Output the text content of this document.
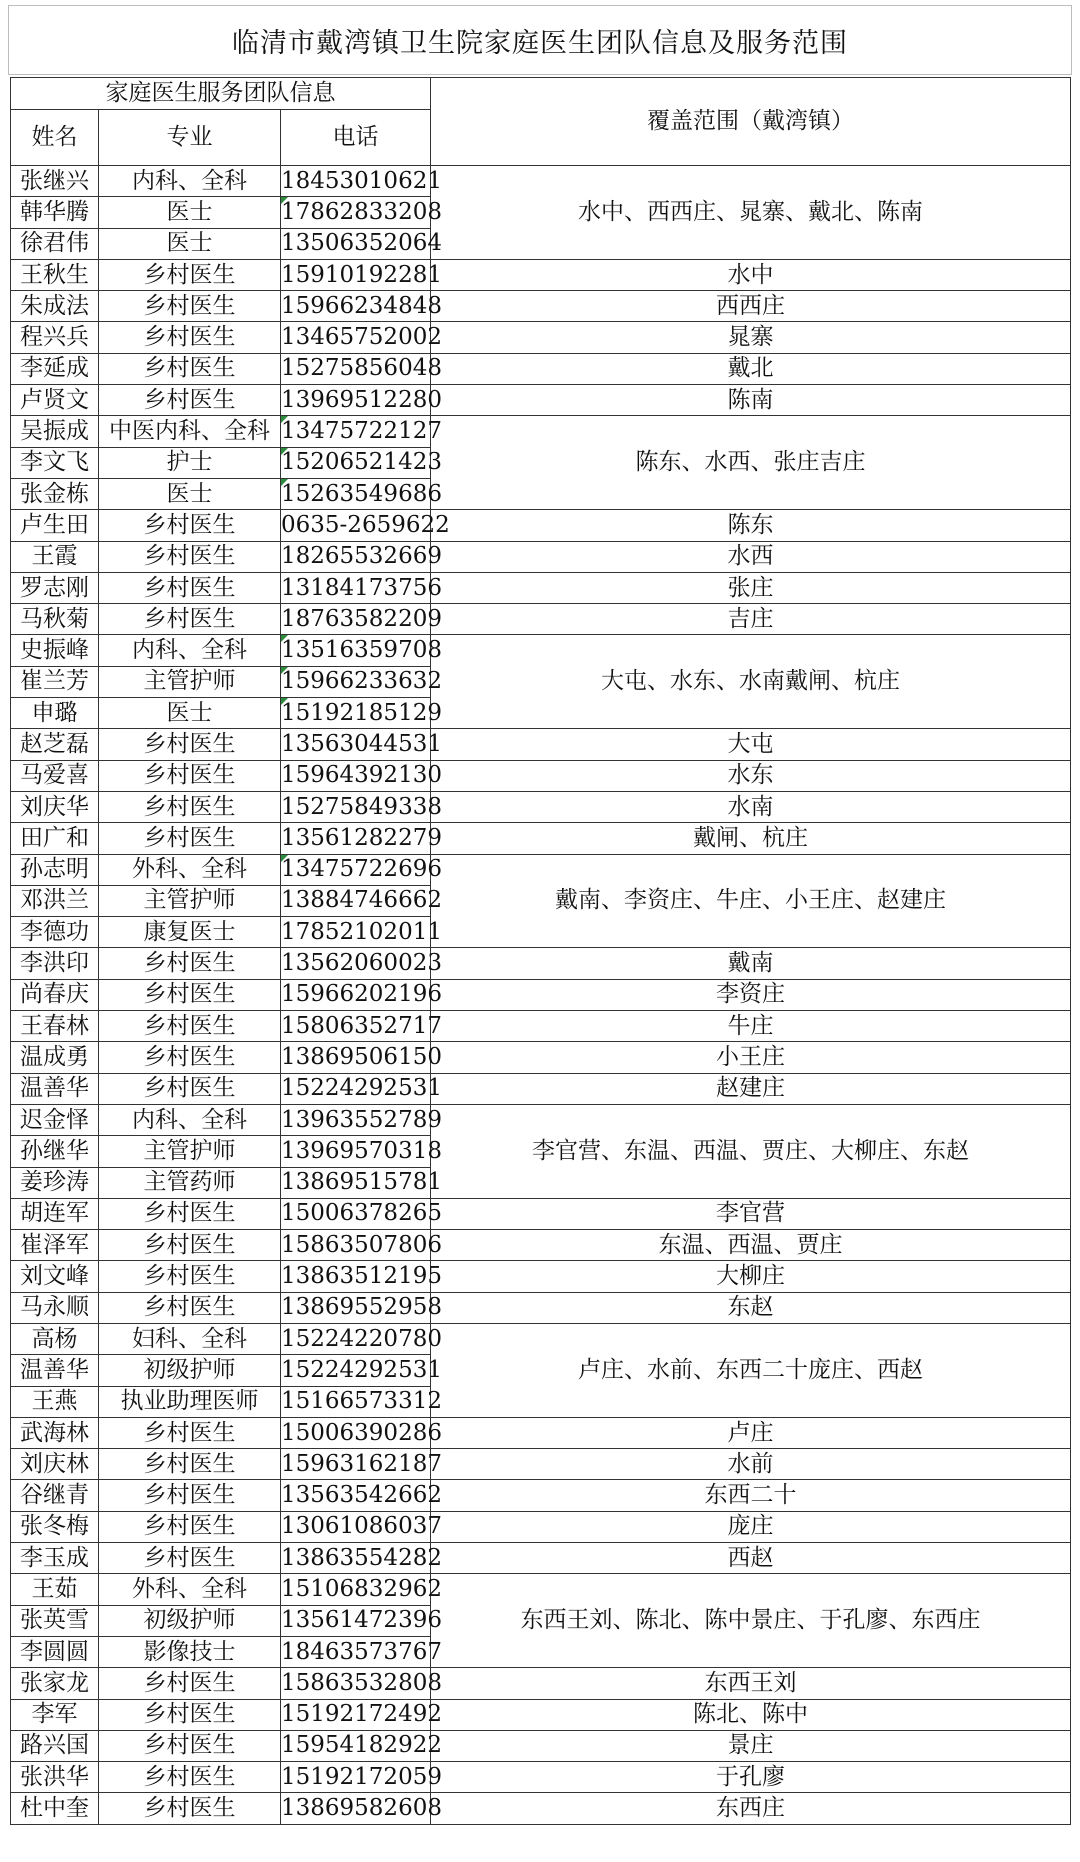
临清市戴湾镇卫生院家庭医生团队信息及服务范围
家庭医生服务团队信息			覆盖范围（戴湾镇）
姓名	专业	电话	
张继兴	内科、全科	18453010621	水中、西西庄、晁寨、戴北、陈南
韩华腾	医士	17862833208	

徐君伟	医士	13506352064	
王秋生	乡村医生	15910192281	水中
朱成法	乡村医生	15966234848	西西庄
程兴兵	乡村医生	13465752002	晁寨
李延成	乡村医生	15275856048	戴北
卢贤文	乡村医生	13969512280	陈南
吴振成	中医内科、全科	13475722127	陈东、水西、张庄吉庄
李文飞	护士	15206521423	

张金栋	医士	15263549686	

卢生田	乡村医生	0635-2659622	陈东
王霞	乡村医生	18265532669	水西
罗志刚	乡村医生	13184173756	张庄
马秋菊	乡村医生	18763582209	吉庄
史振峰	内科、全科	13516359708	大屯、水东、水南戴闸、杭庄
崔兰芳	主管护师	15966233632	

申璐	医士	15192185129	

赵芝磊	乡村医生	13563044531	大屯
马爱喜	乡村医生	15964392130	水东
刘庆华	乡村医生	15275849338	水南
田广和	乡村医生	13561282279	戴闸、杭庄
孙志明	外科、全科	13475722696	戴南、李资庄、牛庄、小王庄、赵建庄
邓洪兰	主管护师	13884746662	
李德功	康复医士	17852102011	
李洪印	乡村医生	13562060023	戴南
尚春庆	乡村医生	15966202196	李资庄
王春林	乡村医生	15806352717	牛庄
温成勇	乡村医生	13869506150	小王庄
温善华	乡村医生	15224292531	赵建庄
迟金怿	内科、全科	13963552789	李官营、东温、西温、贾庄、大柳庄、东赵
孙继华	主管护师	13969570318	
姜珍涛	主管药师	13869515781	
胡连军	乡村医生	15006378265	李官营
崔泽军	乡村医生	15863507806	东温、西温、贾庄
刘文峰	乡村医生	13863512195	大柳庄
马永顺	乡村医生	13869552958	东赵
高杨	妇科、全科	15224220780	卢庄、水前、东西二十庞庄、西赵
温善华	初级护师	15224292531	
王燕	执业助理医师	15166573312	
武海林	乡村医生	15006390286	卢庄
刘庆林	乡村医生	15963162187	水前
谷继青	乡村医生	13563542662	东西二十
张冬梅	乡村医生	13061086037	庞庄
李玉成	乡村医生	13863554282	西赵
王茹	外科、全科	15106832962	东西王刘、陈北、陈中景庄、于孔廖、东西庄
张英雪	初级护师	13561472396	
李圆圆	影像技士	18463573767	
张家龙	乡村医生	15863532808	东西王刘
李军	乡村医生	15192172492	陈北、陈中
路兴国	乡村医生	15954182922	景庄
张洪华	乡村医生	15192172059	于孔廖
杜中奎	乡村医生	13869582608	东西庄
